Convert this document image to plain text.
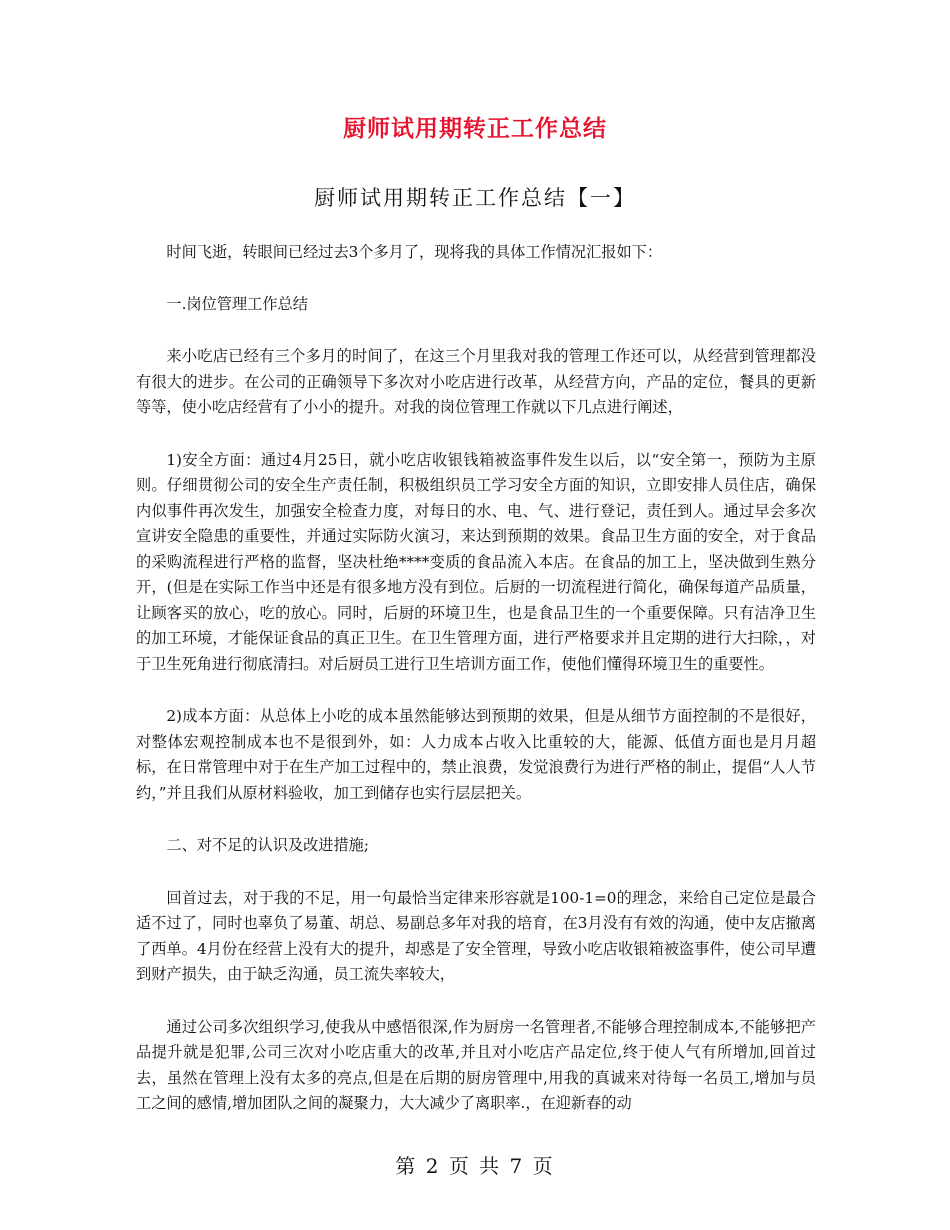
厨师试用期转正工作总结
厨师试用期转正工作总结【一】

时间飞逝，转眼间已经过去3个多月了，现将我的具体工作情况汇报如下：

一.岗位管理工作总结

来小吃店已经有三个多月的时间了，在这三个月里我对我的管理工作还可以，从经营到管理都没有很大的进步。在公司的正确领导下多次对小吃店进行改革，从经营方向，产品的定位，餐具的更新等等，使小吃店经营有了小小的提升。对我的岗位管理工作就以下几点进行阐述，

1)安全方面：通过4月25日，就小吃店收银钱箱被盗事件发生以后，以“安全第一，预防为主原则。仔细贯彻公司的安全生产责任制，积极组织员工学习安全方面的知识，立即安排人员住店，确保内似事件再次发生，加强安全检查力度，对每日的水、电、气、进行登记，责任到人。通过早会多次宣讲安全隐患的重要性，并通过实际防火演习，来达到预期的效果。食品卫生方面的安全，对于食品的采购流程进行严格的监督，坚决杜绝****变质的食品流入本店。在食品的加工上，坚决做到生熟分开，(但是在实际工作当中还是有很多地方没有到位。后厨的一切流程进行简化，确保每道产品质量，让顾客买的放心，吃的放心。同时，后厨的环境卫生，也是食品卫生的一个重要保障。只有洁净卫生的加工环境，才能保证食品的真正卫生。在卫生管理方面，进行严格要求并且定期的进行大扫除，，对于卫生死角进行彻底清扫。对后厨员工进行卫生培训方面工作，使他们懂得环境卫生的重要性。

2)成本方面：从总体上小吃的成本虽然能够达到预期的效果，但是从细节方面控制的不是很好，对整体宏观控制成本也不是很到外，如：人力成本占收入比重较的大，能源、低值方面也是月月超标，在日常管理中对于在生产加工过程中的，禁止浪费，发觉浪费行为进行严格的制止，提倡“人人节约，”并且我们从原材料验收，加工到储存也实行层层把关。

二、对不足的认识及改进措施;

回首过去，对于我的不足，用一句最恰当定律来形容就是100-1=0的理念，来给自己定位是最合适不过了，同时也辜负了易董、胡总、易副总多年对我的培育，在3月没有有效的沟通，使中友店撤离了西单。4月份在经营上没有大的提升，却惑是了安全管理，导致小吃店收银箱被盗事件，使公司早遭到财产损失，由于缺乏沟通，员工流失率较大，

通过公司多次组织学习,使我从中感悟很深,作为厨房一名管理者,不能够合理控制成本,不能够把产品提升就是犯罪,公司三次对小吃店重大的改革,并且对小吃店产品定位,终于使人气有所增加,回首过去，虽然在管理上没有太多的亮点,但是在后期的厨房管理中,用我的真诚来对待每一名员工,增加与员工之间的感情,增加团队之间的凝聚力，大大减少了离职率.，在迎新春的动

第 2 页 共 7 页
